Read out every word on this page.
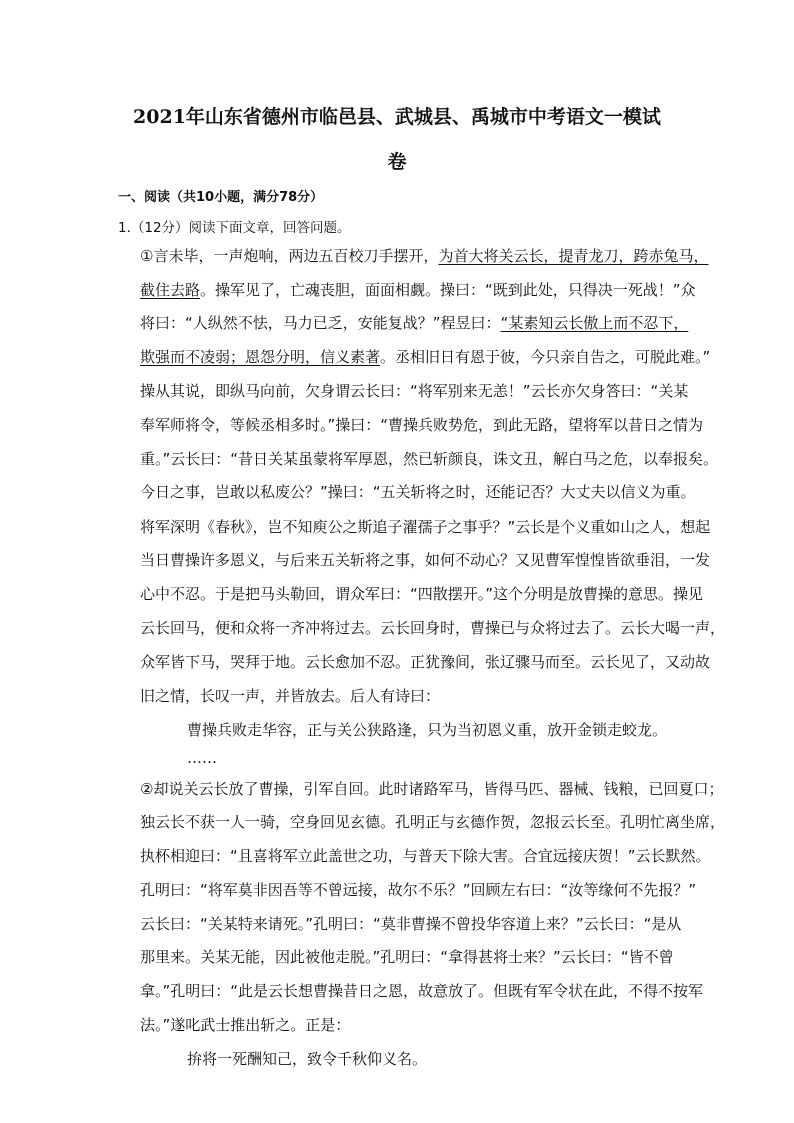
2021年山东省德州市临邑县、武城县、禹城市中考语文一模试
卷
一、阅读（共10小题，满分78分）
1.（12分）阅读下面文章，回答问题。
①言未毕，一声炮响，两边五百校刀手摆开，为首大将关云长，提青龙刀，跨赤兔马，
截住去路。操军见了，亡魂丧胆，面面相觑。操曰：“既到此处，只得决一死战！”众
将曰：“人纵然不怯，马力已乏，安能复战？”程昱曰：“某素知云长傲上而不忍下，
欺强而不凌弱；恩怨分明，信义素著。丞相旧日有恩于彼，今只亲自告之，可脱此难。”
操从其说，即纵马向前，欠身谓云长曰：“将军别来无恙！”云长亦欠身答曰：“关某
奉军师将令，等候丞相多时。”操曰：“曹操兵败势危，到此无路，望将军以昔日之情为
重。”云长曰：“昔日关某虽蒙将军厚恩，然已斩颜良，诛文丑，解白马之危，以奉报矣。
今日之事，岂敢以私废公？”操曰：“五关斩将之时，还能记否？大丈夫以信义为重。
将军深明《春秋》，岂不知庾公之斯追子濯孺子之事乎？”云长是个义重如山之人，想起
当日曹操许多恩义，与后来五关斩将之事，如何不动心？又见曹军惶惶皆欲垂泪，一发
心中不忍。于是把马头勒回，谓众军曰：“四散摆开。”这个分明是放曹操的意思。操见
云长回马，便和众将一齐冲将过去。云长回身时，曹操已与众将过去了。云长大喝一声，
众军皆下马，哭拜于地。云长愈加不忍。正犹豫间，张辽骤马而至。云长见了，又动故
旧之情，长叹一声，并皆放去。后人有诗曰：
曹操兵败走华容，正与关公狭路逢，只为当初恩义重，放开金锁走蛟龙。
……
②却说关云长放了曹操，引军自回。此时诸路军马，皆得马匹、器械、钱粮，已回夏口；
独云长不获一人一骑，空身回见玄德。孔明正与玄德作贺，忽报云长至。孔明忙离坐席，
执杯相迎曰：“且喜将军立此盖世之功，与普天下除大害。合宜远接庆贺！”云长默然。
孔明曰：“将军莫非因吾等不曾远接，故尔不乐？”回顾左右曰：“汝等缘何不先报？”
云长曰：“关某特来请死。”孔明曰：“莫非曹操不曾投华容道上来？”云长曰：“是从
那里来。关某无能，因此被他走脱。”孔明曰：“拿得甚将士来？”云长曰：“皆不曾
拿。”孔明曰：“此是云长想曹操昔日之恩，故意放了。但既有军令状在此，不得不按军
法。”遂叱武士推出斩之。正是：
拚将一死酬知己，致令千秋仰义名。
